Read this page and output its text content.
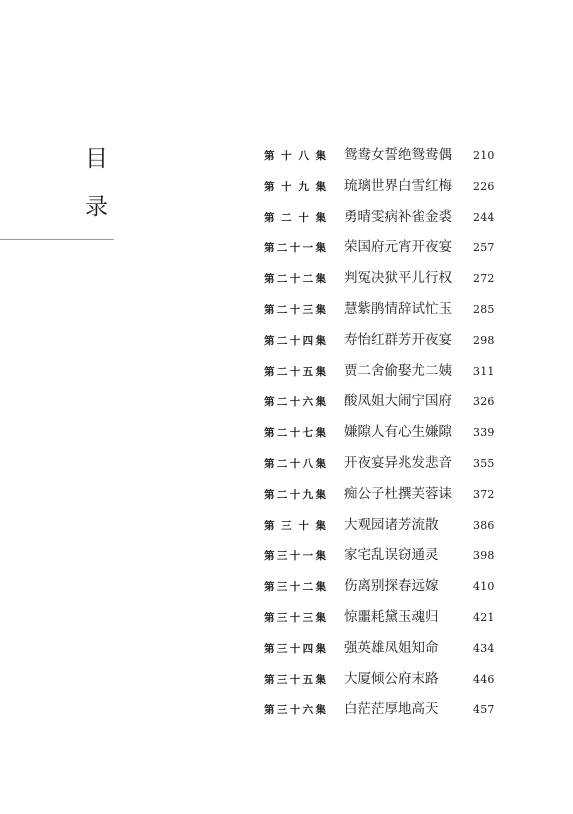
目
录
第 十 八 集 鸳鸯女誓绝鸳鸯偶 210
第 十 九 集 琉璃世界白雪红梅 226
第 二 十 集 勇晴雯病补雀金裘 244
第 二 十 一 集 荣国府元宵开夜宴 257
第 二 十 二 集 判冤决狱平儿行权 272
第 二 十 三 集 慧紫鹃情辞试忙玉 285
第 二 十 四 集 寿怡红群芳开夜宴 298
第 二 十 五 集 贾二舍偷娶尤二姨 311
第 二 十 六 集 酸凤姐大闹宁国府 326
第 二 十 七 集 嫌隙人有心生嫌隙 339
第 二 十 八 集 开夜宴异兆发悲音 355
第 二 十 九 集 痴公子杜撰芙蓉诔 372
第 三 十 集 大观园诸芳流散	386
第 三 十 一 集 家宅乱误窃通灵	398
第 三 十 二 集 伤离别探春远嫁	410
第 三 十 三 集 惊噩耗黛玉魂归	421
第 三 十 四 集 强英雄凤姐知命	434
第 三 十 五 集 大厦倾公府末路	446
第 三 十 六 集 白茫茫厚地高天	457
